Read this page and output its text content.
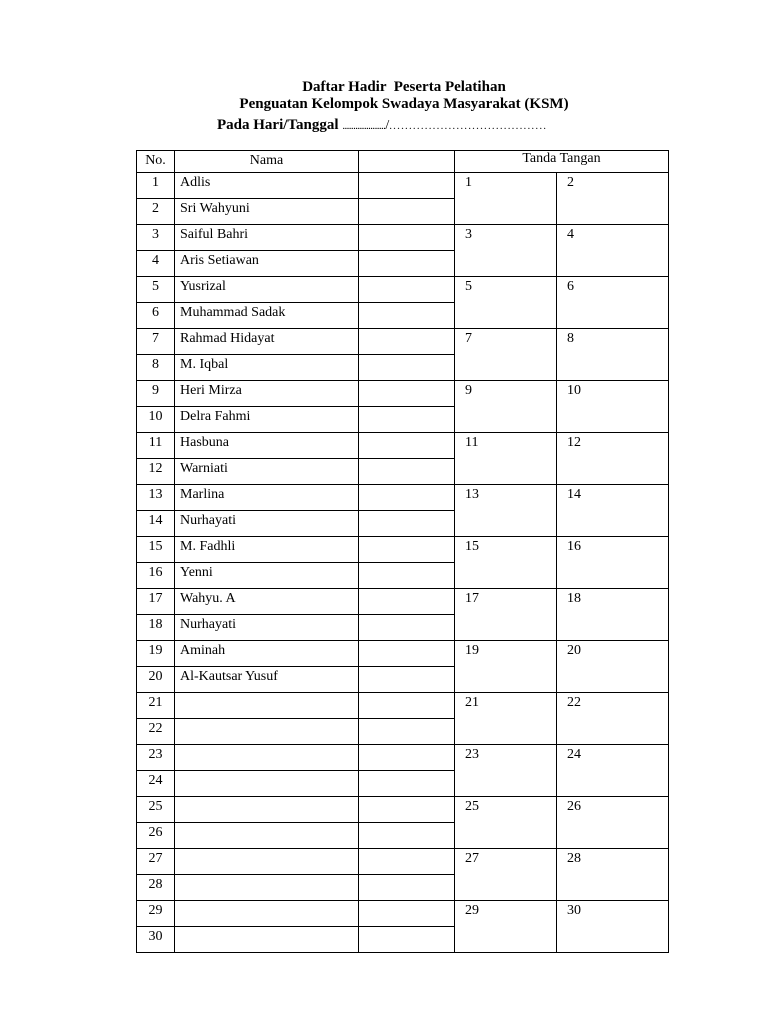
Daftar Hadir  Peserta Pelatihan
Penguatan Kelompok Swadaya Masyarakat (KSM)
Pada Hari/Tanggal ..................../........................................
No.	Nama		Tanda Tangan	
1	Adlis		1	2
2	Sri Wahyuni			
3	Saiful Bahri		3	4
4	Aris Setiawan			
5	Yusrizal		5	6
6	Muhammad Sadak			
7	Rahmad Hidayat		7	8
8	M. Iqbal			
9	Heri Mirza		9	10
10	Delra Fahmi			
11	Hasbuna		11	12
12	Warniati			
13	Marlina		13	14
14	Nurhayati			
15	M. Fadhli		15	16
16	Yenni			
17	Wahyu. A		17	18
18	Nurhayati			
19	Aminah		19	20
20	Al-Kautsar Yusuf			
21			21	22
22				
23			23	24
24				
25			25	26
26				
27			27	28
28				
29			29	30
30				
